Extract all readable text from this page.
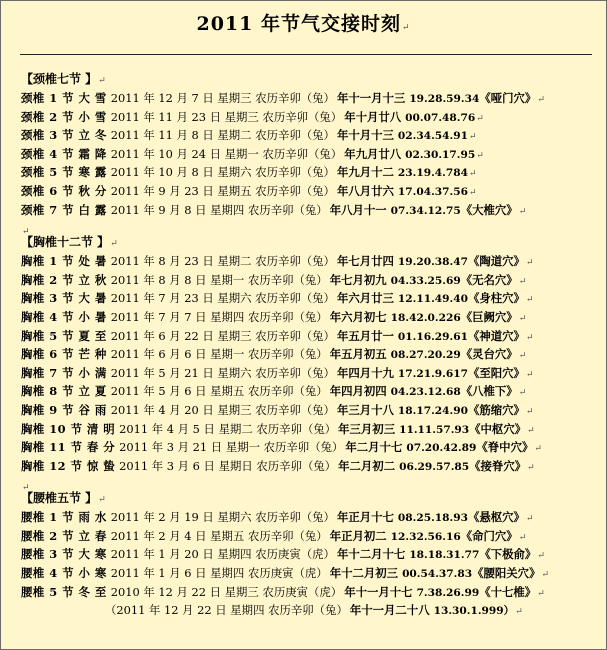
2011 年节气交接时刻↵
【颈椎七节 】↵
颈椎 1 节 大 雪 2011 年 12 月 7 日 星期三 农历辛卯（兔） 年十一月十三 19.28.59.34《哑门穴》↵
颈椎 2 节 小 雪 2011 年 11 月 23 日 星期三 农历辛卯（兔） 年十月廿八 00.07.48.76↵
颈椎 3 节 立 冬 2011 年 11 月 8 日 星期二 农历辛卯（兔） 年十月十三 02.34.54.91↵
颈椎 4 节 霜 降 2011 年 10 月 24 日 星期一 农历辛卯（兔） 年九月廿八 02.30.17.95↵
颈椎 5 节 寒 露 2011 年 10 月 8 日 星期六 农历辛卯（兔） 年九月十二 23.19.4.784↵
颈椎 6 节 秋 分 2011 年 9 月 23 日 星期五 农历辛卯（兔） 年八月廿六 17.04.37.56↵
颈椎 7 节 白 露 2011 年 9 月 8 日 星期四 农历辛卯（兔） 年八月十一 07.34.12.75《大椎穴》↵
↵
【胸椎十二节 】↵
胸椎 1 节 处 暑 2011 年 8 月 23 日 星期二 农历辛卯（兔） 年七月廿四 19.20.38.47《陶道穴》↵
胸椎 2 节 立 秋 2011 年 8 月 8 日 星期一 农历辛卯（兔） 年七月初九 04.33.25.69《无名穴》↵
胸椎 3 节 大 暑 2011 年 7 月 23 日 星期六 农历辛卯（兔） 年六月廿三 12.11.49.40《身柱穴》↵
胸椎 4 节 小 暑 2011 年 7 月 7 日 星期四 农历辛卯（兔） 年六月初七 18.42.0.226《巨阙穴》↵
胸椎 5 节 夏 至 2011 年 6 月 22 日 星期三 农历辛卯（兔） 年五月廿一 01.16.29.61《神道穴》↵
胸椎 6 节 芒 种 2011 年 6 月 6 日 星期一 农历辛卯（兔） 年五月初五 08.27.20.29《灵台穴》↵
胸椎 7 节 小 满 2011 年 5 月 21 日 星期六 农历辛卯（兔） 年四月十九 17.21.9.617《至阳穴》↵
胸椎 8 节 立 夏 2011 年 5 月 6 日 星期五 农历辛卯（兔） 年四月初四 04.23.12.68《八椎下》↵
胸椎 9 节 谷 雨 2011 年 4 月 20 日 星期三 农历辛卯（兔） 年三月十八 18.17.24.90《筋缩穴》↵
胸椎 10 节 清 明 2011 年 4 月 5 日 星期二 农历辛卯（兔） 年三月初三 11.11.57.93《中枢穴》↵
胸椎 11 节 春 分 2011 年 3 月 21 日 星期一 农历辛卯（兔） 年二月十七 07.20.42.89《脊中穴》↵
胸椎 12 节 惊 蛰 2011 年 3 月 6 日 星期日 农历辛卯（兔） 年二月初二 06.29.57.85《接脊穴》↵
↵
【腰椎五节 】↵
腰椎 1 节 雨 水 2011 年 2 月 19 日 星期六 农历辛卯（兔） 年正月十七 08.25.18.93《悬枢穴》↵
腰椎 2 节 立 春 2011 年 2 月 4 日 星期五 农历辛卯（兔） 年正月初二 12.32.56.16《命门穴》↵
腰椎 3 节 大 寒 2011 年 1 月 20 日 星期四 农历庚寅（虎） 年十二月十七 18.18.31.77《下极俞》↵
腰椎 4 节 小 寒 2011 年 1 月 6 日 星期四 农历庚寅（虎） 年十二月初三 00.54.37.83《腰阳关穴》↵
腰椎 5 节 冬 至 2010 年 12 月 22 日 星期三 农历庚寅（虎） 年十一月十七 7.38.26.99《十七椎》↵
（2011 年 12 月 22 日 星期四 农历辛卯（兔） 年十一月二十八 13.30.1.999）↵
